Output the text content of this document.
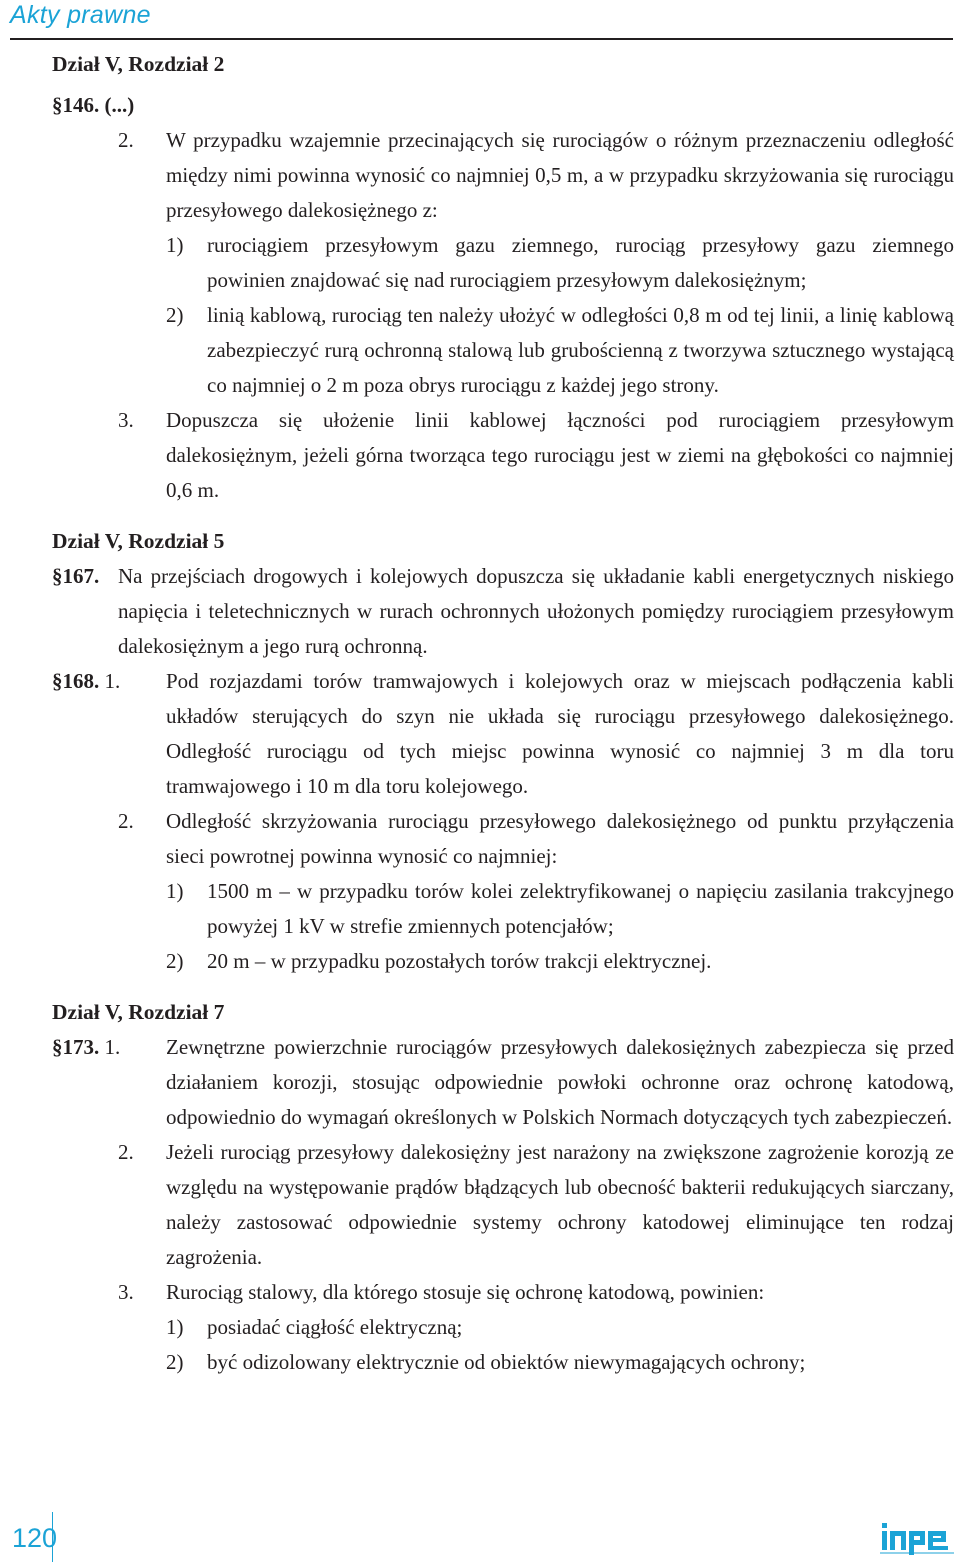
Akty prawne

Dział V, Rozdział 2

§146. (...)

2.	W przypadku wzajemnie przecinających się rurociągów o różnym przeznaczeniu odległość między nimi powinna wynosić co najmniej 0,5 m, a w przypadku skrzyżowania się rurociągu przesyłowego dalekosiężnego z:
1)	rurociągiem przesyłowym gazu ziemnego, rurociąg przesyłowy gazu ziemnego powinien znajdować się nad rurociągiem przesyłowym dalekosiężnym;
2)	linią kablową, rurociąg ten należy ułożyć w odległości 0,8 m od tej linii, a linię kablową zabezpieczyć rurą ochronną stalową lub grubościenną z tworzywa sztucznego wystającą co najmniej o 2 m poza obrys rurociągu z każdej jego strony.
3.	Dopuszcza się ułożenie linii kablowej łączności pod rurociągiem przesyłowym dalekosiężnym, jeżeli górna tworząca tego rurociągu jest w ziemi na głębokości co najmniej 0,6 m.

Dział V, Rozdział 5

§167. Na przejściach drogowych i kolejowych dopuszcza się układanie kabli energetycznych niskiego napięcia i teletechnicznych w rurach ochronnych ułożonych pomiędzy rurociągiem przesyłowym dalekosiężnym a jego rurą ochronną.
§168. 1.	Pod rozjazdami torów tramwajowych i kolejowych oraz w miejscach podłączenia kabli układów sterujących do szyn nie układa się rurociągu przesyłowego dalekosiężnego. Odległość rurociągu od tych miejsc powinna wynosić co najmniej 3 m dla toru tramwajowego i 10 m dla toru kolejowego.
2.	Odległość skrzyżowania rurociągu przesyłowego dalekosiężnego od punktu przyłączenia sieci powrotnej powinna wynosić co najmniej:
1)	1500 m – w przypadku torów kolei zelektryfikowanej o napięciu zasilania trakcyjnego powyżej 1 kV w strefie zmiennych potencjałów;
2)	20 m – w przypadku pozostałych torów trakcji elektrycznej.

Dział V, Rozdział 7

§173. 1.	Zewnętrzne powierzchnie rurociągów przesyłowych dalekosiężnych zabezpiecza się przed działaniem korozji, stosując odpowiednie powłoki ochronne oraz ochronę katodową, odpowiednio do wymagań określonych w Polskich Normach dotyczących tych zabezpieczeń.
2.	Jeżeli rurociąg przesyłowy dalekosiężny jest narażony na zwiększone zagrożenie korozją ze względu na występowanie prądów błądzących lub obecność bakterii redukujących siarczany, należy zastosować odpowiednie systemy ochrony katodowej eliminujące ten rodzaj zagrożenia.
3.	Rurociąg stalowy, dla którego stosuje się ochronę katodową, powinien:
1)	posiadać ciągłość elektryczną;
2)	być odizolowany elektrycznie od obiektów niewymagających ochrony;
120
